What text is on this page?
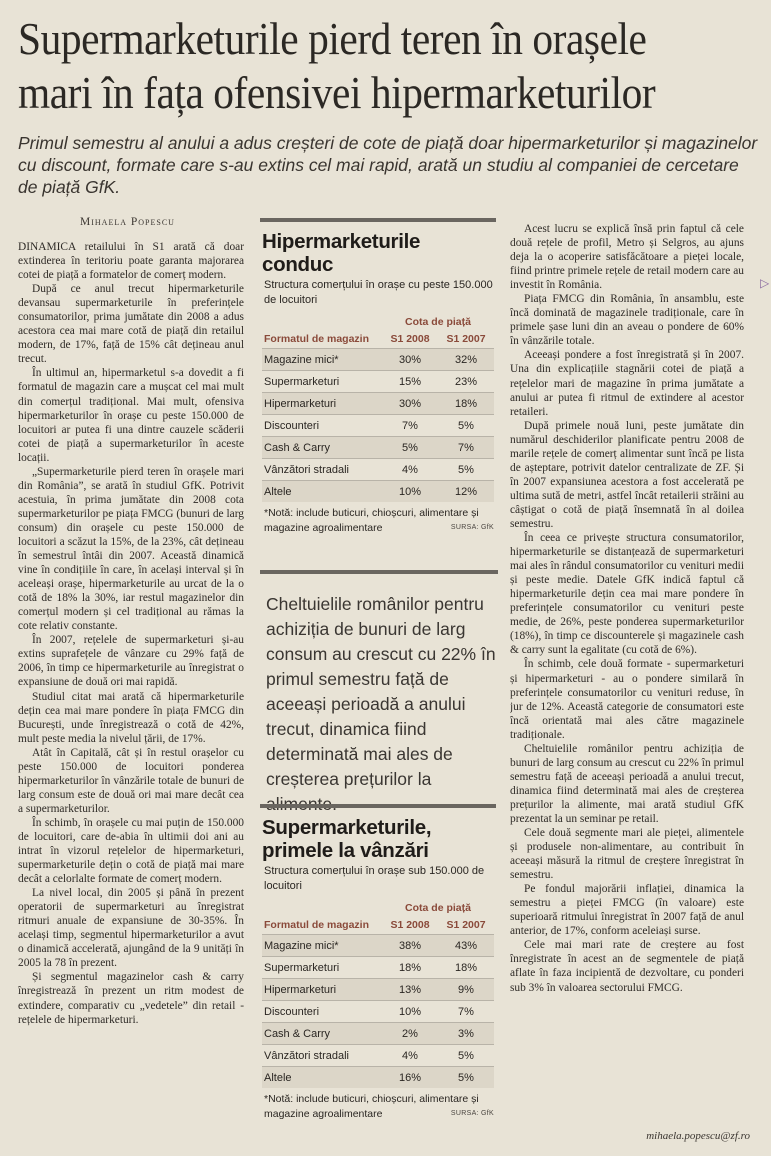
Supermarketurile pierd teren în orașele
mari în fața ofensivei hipermarketurilor

Primul semestru al anului a adus creșteri de cote de piață doar hipermarketurilor și magazinelor cu discount, formate care s-au extins cel mai rapid, arată un studiu al companiei de cercetare de piață GfK.

Mihaela Popescu

DINAMICA retailului în S1 arată că doar extinderea în teritoriu poate garanta majorarea cotei de piață a formatelor de comerț modern.

După ce anul trecut hipermarketurile devansau supermarketurile în preferințele consumatorilor, prima jumătate din 2008 a adus acestora cea mai mare cotă de piață din retailul modern, de 17%, față de 15% cât dețineau anul trecut.

În ultimul an, hipermarketul s-a dovedit a fi formatul de magazin care a mușcat cel mai mult din comerțul tradițional. Mai mult, ofensiva hipermarketurilor în orașe cu peste 150.000 de locuitori ar putea fi una dintre cauzele scăderii cotei de piață a supermarketurilor în aceste locații.

„Supermarketurile pierd teren în orașele mari din România”, se arată în studiul GfK. Potrivit acestuia, în prima jumătate din 2008 cota supermarketurilor pe piața FMCG (bunuri de larg consum) din orașele cu peste 150.000 de locuitori a scăzut la 15%, de la 23%, cât dețineau în semestrul întâi din 2007. Această dinamică vine în condițiile în care, în același interval și în aceleași orașe, hipermarketurile au urcat de la o cotă de 18% la 30%, iar restul magazinelor din comerțul modern și cel tradițional au rămas la cote relativ constante.

În 2007, rețelele de supermarketuri și-au extins suprafețele de vânzare cu 29% față de 2006, în timp ce hipermarketurile au înregistrat o expansiune de două ori mai rapidă.

Studiul citat mai arată că hipermarketurile dețin cea mai mare pondere în piața FMCG din București, unde înregistrează o cotă de 42%, mult peste media la nivelul țării, de 17%.

Atât în Capitală, cât și în restul orașelor cu peste 150.000 de locuitori ponderea hipermarketurilor în vânzările totale de bunuri de larg consum este de două ori mai mare decât cea a supermarketurilor.

În schimb, în orașele cu mai puțin de 150.000 de locuitori, care de-abia în ultimii doi ani au intrat în vizorul rețelelor de hipermarketuri, supermarketurile dețin o cotă de piață mai mare decât a celorlalte formate de comerț modern.

La nivel local, din 2005 și până în prezent operatorii de supermarketuri au înregistrat ritmuri anuale de expansiune de 30-35%. În același timp, segmentul hipermarketurilor a avut o dinamică accelerată, ajungând de la 9 unități în 2005 la 78 în prezent.

Și segmentul magazinelor cash & carry înregistrează în prezent un ritm modest de extindere, comparativ cu „vedetele” din retail - rețelele de hipermarketuri.

Hipermarketurile conduc
Structura comerțului în orașe cu peste 150.000 de locuitori
Formatul de magazin	Cota de piață	
	S1 2008	S1 2007
Magazine mici*	30%	32%
Supermarketuri	15%	23%
Hipermarketuri	30%	18%
Discounteri	7%	5%
Cash & Carry	5%	7%
Vânzători stradali	4%	5%
Altele	10%	12%
*Notă: include buticuri, chioșcuri, alimentare și magazine agroalimentare	SURSA: GfK
Cheltuielile românilor pentru achiziția de bunuri de larg consum au crescut cu 22% în primul semestru față de aceeași perioadă a anului trecut, dinamica fiind determinată mai ales de creșterea prețurilor la
Supermarketurile, primele la vânzări
Structura comerțului în orașe sub 150.000 de locuitori
Formatul de magazin	Cota de piață	
	S1 2008	S1 2007
Magazine mici*	38%	43%
Supermarketuri	18%	18%
Hipermarketuri	13%	9%
Discounteri	10%	7%
Cash & Carry	2%	3%
Vânzători stradali	4%	5%
Altele	16%	5%
*Notă: include buticuri, chioșcuri, alimentare și magazine agroalimentare	SURSA: GfK

Acest lucru se explică însă prin faptul că cele două rețele de profil, Metro și Selgros, au ajuns deja la o acoperire satisfăcătoare a pieței locale, fiind printre primele rețele de retail modern care au investit în România.

Piața FMCG din România, în ansamblu, este încă dominată de magazinele tradiționale, care în primele șase luni din an aveau o pondere de 60% în vânzările totale.

Aceeași pondere a fost înregistrată și în 2007. Una din explicațiile stagnării cotei de piață a rețelelor mari de magazine în prima jumătate a anului ar putea fi ritmul de extindere al acestor retaileri.

După primele nouă luni, peste jumătate din numărul deschiderilor planificate pentru 2008 de marile rețele de comerț alimentar sunt încă pe lista de așteptare, potrivit datelor centralizate de ZF. Și în 2007 expansiunea acestora a fost accelerată pe ultima sută de metri, astfel încât retailerii străini au câștigat o cotă de piață însemnată în al doilea semestru.

În ceea ce privește structura consumatorilor, hipermarketurile se distanțează de supermarketuri mai ales în rândul consumatorilor cu venituri medii și peste medie. Datele GfK indică faptul că hipermarketurile dețin cea mai mare pondere în preferințele consumatorilor cu venituri peste medie, de 26%, peste ponderea supermarketurilor (18%), în timp ce discounterele și magazinele cash & carry sunt la egalitate (cu cotă de 6%).

În schimb, cele două formate - supermarketuri și hipermarketuri - au o pondere similară în preferințele consumatorilor cu venituri reduse, în jur de 12%. Această categorie de consumatori este încă orientată mai ales către magazinele tradiționale.

Cheltuielile românilor pentru achiziția de bunuri de larg consum au crescut cu 22% în primul semestru față de aceeași perioadă a anului trecut, dinamica fiind determinată mai ales de creșterea prețurilor la alimente, mai arată studiul GfK prezentat la un seminar pe retail.

Cele două segmente mari ale pieței, alimentele și produsele non-alimentare, au contribuit în aceeași măsură la ritmul de creștere înregistrat în semestru.

Pe fondul majorării inflației, dinamica la semestru a pieței FMCG (în valoare) este superioară ritmului înregistrat în 2007 față de anul anterior, de 17%, conform aceleiași surse.

Cele mai mari rate de creștere au fost înregistrate în acest an de segmentele de piață aflate în faza incipientă de dezvoltare, cu ponderi sub 3% în valoarea sectorului FMCG.

mihaela.popescu@zf.ro
▷
